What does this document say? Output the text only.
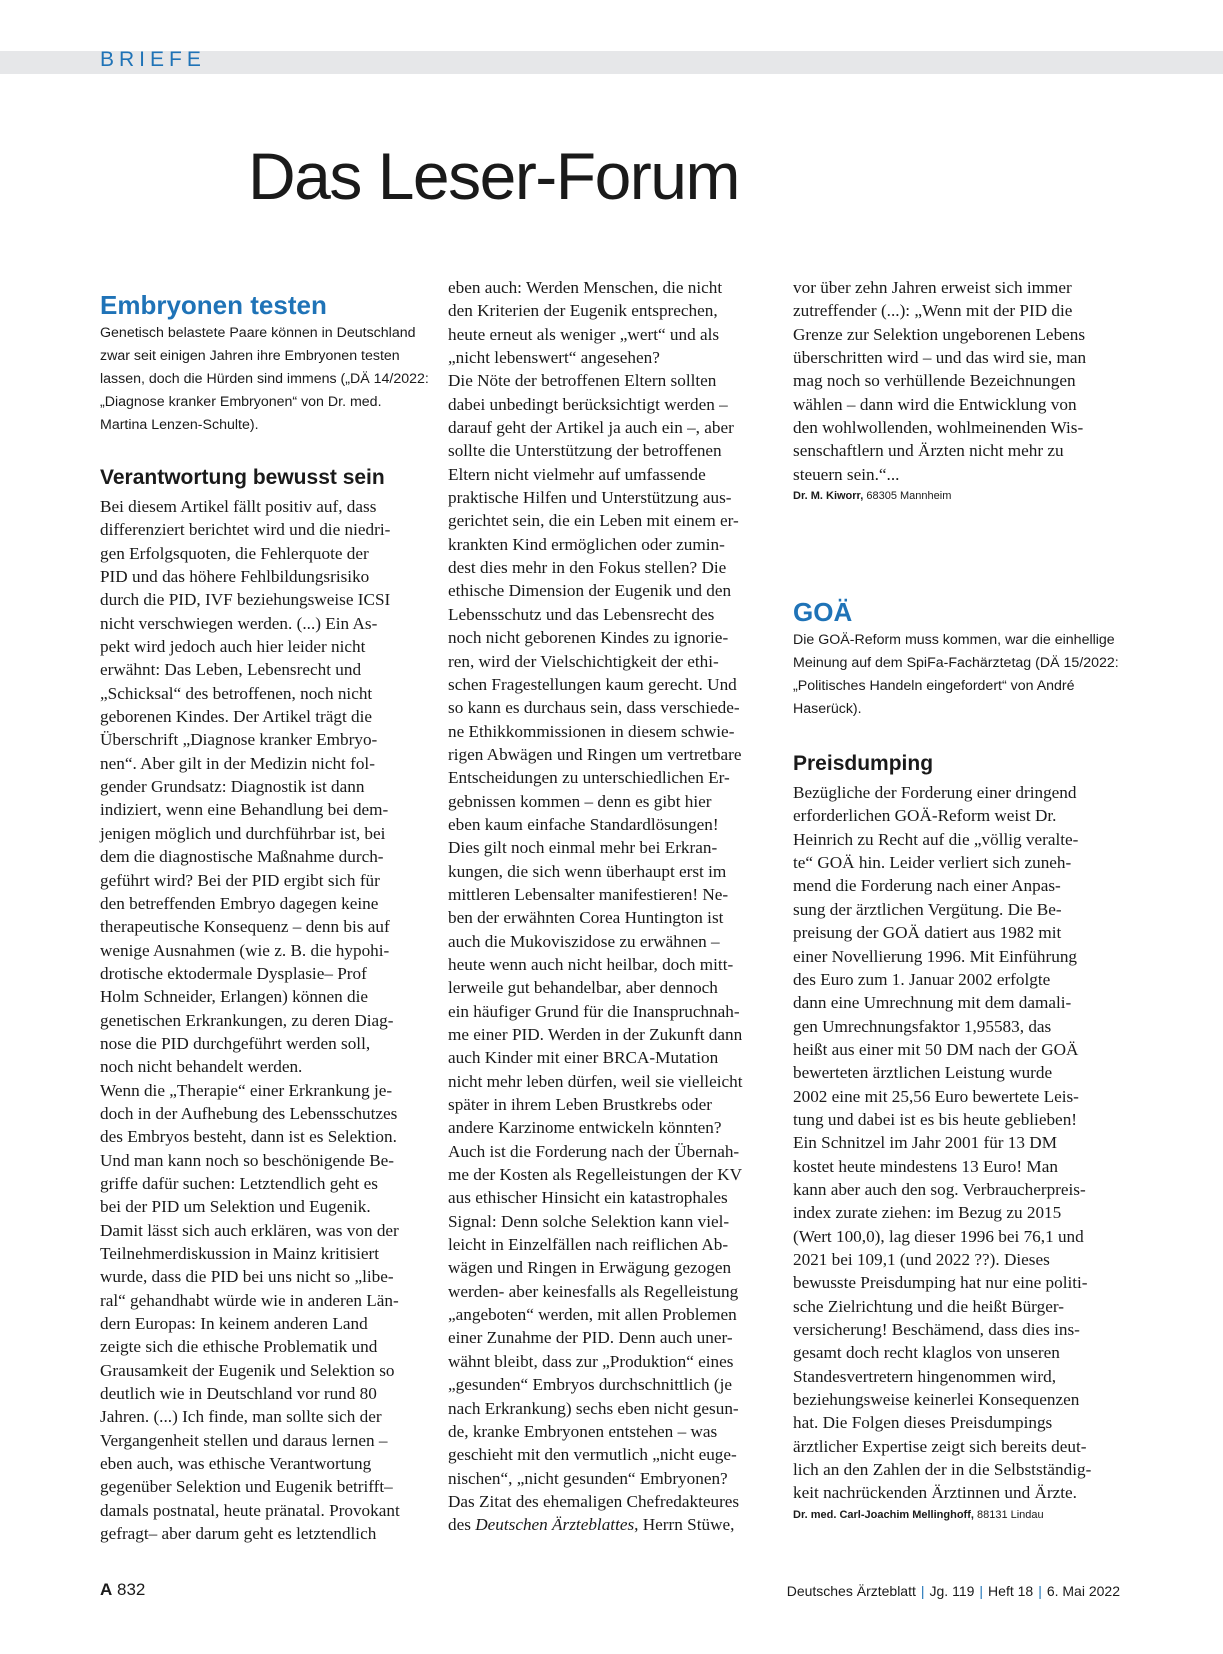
BRIEFE
Das Leser-Forum
Embryonen testen

Genetisch belastete Paare können in Deutschland zwar seit einigen Jahren ihre Embryonen testen lassen, doch die Hürden sind immens („DÄ 14/2022: „Diagnose kranker Embryonen“ von Dr. med. Martina Lenzen-Schulte).

Verantwortung bewusst sein

Bei diesem Artikel fällt positiv auf, dass
differenziert berichtet wird und die niedri-
gen Erfolgsquoten, die Fehlerquote der
PID und das höhere Fehlbildungsrisiko
durch die PID, IVF beziehungsweise ICSI
nicht verschwiegen werden. (...) Ein As-
pekt wird jedoch auch hier leider nicht
erwähnt: Das Leben, Lebensrecht und
„Schicksal“ des betroffenen, noch nicht
geborenen Kindes. Der Artikel trägt die
Überschrift „Diagnose kranker Embryo-
nen“. Aber gilt in der Medizin nicht fol-
gender Grundsatz: Diagnostik ist dann
indiziert, wenn eine Behandlung bei dem-
jenigen möglich und durchführbar ist, bei
dem die diagnostische Maßnahme durch-
geführt wird? Bei der PID ergibt sich für
den betreffenden Embryo dagegen keine
therapeutische Konsequenz – denn bis auf
wenige Ausnahmen (wie z. B. die hypohi-
drotische ektodermale Dysplasie– Prof
Holm Schneider, Erlangen) können die
genetischen Erkrankungen, zu deren Diag-
nose die PID durchgeführt werden soll,
noch nicht behandelt werden.
Wenn die „Therapie“ einer Erkrankung je-
doch in der Aufhebung des Lebensschutzes
des Embryos besteht, dann ist es Selektion.
Und man kann noch so beschönigende Be-
griffe dafür suchen: Letztendlich geht es
bei der PID um Selektion und Eugenik.
Damit lässt sich auch erklären, was von der
Teilnehmerdiskussion in Mainz kritisiert
wurde, dass die PID bei uns nicht so „libe-
ral“ gehandhabt würde wie in anderen Län-
dern Europas: In keinem anderen Land
zeigte sich die ethische Problematik und
Grausamkeit der Eugenik und Selektion so
deutlich wie in Deutschland vor rund 80
Jahren. (...) Ich finde, man sollte sich der
Vergangenheit stellen und daraus lernen –
eben auch, was ethische Verantwortung
gegenüber Selektion und Eugenik betrifft–
damals postnatal, heute pränatal. Provokant
gefragt– aber darum geht es letztendlich

eben auch: Werden Menschen, die nicht
den Kriterien der Eugenik entsprechen,
heute erneut als weniger „wert“ und als
„nicht lebenswert“ angesehen?
Die Nöte der betroffenen Eltern sollten
dabei unbedingt berücksichtigt werden –
darauf geht der Artikel ja auch ein –, aber
sollte die Unterstützung der betroffenen
Eltern nicht vielmehr auf umfassende
praktische Hilfen und Unterstützung aus-
gerichtet sein, die ein Leben mit einem er-
krankten Kind ermöglichen oder zumin-
dest dies mehr in den Fokus stellen? Die
ethische Dimension der Eugenik und den
Lebensschutz und das Lebensrecht des
noch nicht geborenen Kindes zu ignorie-
ren, wird der Vielschichtigkeit der ethi-
schen Fragestellungen kaum gerecht. Und
so kann es durchaus sein, dass verschiede-
ne Ethikkommissionen in diesem schwie-
rigen Abwägen und Ringen um vertretbare
Entscheidungen zu unterschiedlichen Er-
gebnissen kommen – denn es gibt hier
eben kaum einfache Standardlösungen!
Dies gilt noch einmal mehr bei Erkran-
kungen, die sich wenn überhaupt erst im
mittleren Lebensalter manifestieren! Ne-
ben der erwähnten Corea Huntington ist
auch die Mukoviszidose zu erwähnen –
heute wenn auch nicht heilbar, doch mitt-
lerweile gut behandelbar, aber dennoch
ein häufiger Grund für die Inanspruchnah-
me einer PID. Werden in der Zukunft dann
auch Kinder mit einer BRCA-Mutation
nicht mehr leben dürfen, weil sie vielleicht
später in ihrem Leben Brustkrebs oder
andere Karzinome entwickeln könnten?
Auch ist die Forderung nach der Übernah-
me der Kosten als Regelleistungen der KV
aus ethischer Hinsicht ein katastrophales
Signal: Denn solche Selektion kann viel-
leicht in Einzelfällen nach reiflichen Ab-
wägen und Ringen in Erwägung gezogen
werden- aber keinesfalls als Regelleistung
„angeboten“ werden, mit allen Problemen
einer Zunahme der PID. Denn auch uner-
wähnt bleibt, dass zur „Produktion“ eines
„gesunden“ Embryos durchschnittlich (je
nach Erkrankung) sechs eben nicht gesun-
de, kranke Embryonen entstehen – was
geschieht mit den vermutlich „nicht euge-
nischen“, „nicht gesunden“ Embryonen?
Das Zitat des ehemaligen Chefredakteures

des Deutschen Ärzteblattes, Herrn Stüwe,

vor über zehn Jahren erweist sich immer
zutreffender (...): „Wenn mit der PID die
Grenze zur Selektion ungeborenen Lebens
überschritten wird – und das wird sie, man
mag noch so verhüllende Bezeichnungen
wählen – dann wird die Entwicklung von
den wohlwollenden, wohlmeinenden Wis-
senschaftlern und Ärzten nicht mehr zu
steuern sein.“...

Dr. M. Kiworr, 68305 Mannheim

GOÄ

Die GOÄ-Reform muss kommen, war die einhellige Meinung auf dem SpiFa-Fachärztetag (DÄ 15/2022: „Politisches Handeln eingefordert“ von André Haserück).

Preisdumping

Bezügliche der Forderung einer dringend
erforderlichen GOÄ-Reform weist Dr.
Heinrich zu Recht auf die „völlig veralte-
te“ GOÄ hin. Leider verliert sich zuneh-
mend die Forderung nach einer Anpas-
sung der ärztlichen Vergütung. Die Be-
preisung der GOÄ datiert aus 1982 mit
einer Novellierung 1996. Mit Einführung
des Euro zum 1. Januar 2002 erfolgte
dann eine Umrechnung mit dem damali-
gen Umrechnungsfaktor 1,95583, das
heißt aus einer mit 50 DM nach der GOÄ
bewerteten ärztlichen Leistung wurde
2002 eine mit 25,56 Euro bewertete Leis-
tung und dabei ist es bis heute geblieben!
Ein Schnitzel im Jahr 2001 für 13 DM
kostet heute mindestens 13 Euro! Man
kann aber auch den sog. Verbraucherpreis-
index zurate ziehen: im Bezug zu 2015
(Wert 100,0), lag dieser 1996 bei 76,1 und
2021 bei 109,1 (und 2022 ??). Dieses
bewusste Preisdumping hat nur eine politi-
sche Zielrichtung und die heißt Bürger-
versicherung! Beschämend, dass dies ins-
gesamt doch recht klaglos von unseren
Standesvertretern hingenommen wird,
beziehungsweise keinerlei Konsequenzen
hat. Die Folgen dieses Preisdumpings
ärztlicher Expertise zeigt sich bereits deut-
lich an den Zahlen der in die Selbstständig-
keit nachrückenden Ärztinnen und Ärzte.

Dr. med. Carl-Joachim Mellinghoff, 88131 Lindau

A 832	Deutsches Ärzteblatt | Jg. 119 | Heft 18 | 6. Mai 2022
